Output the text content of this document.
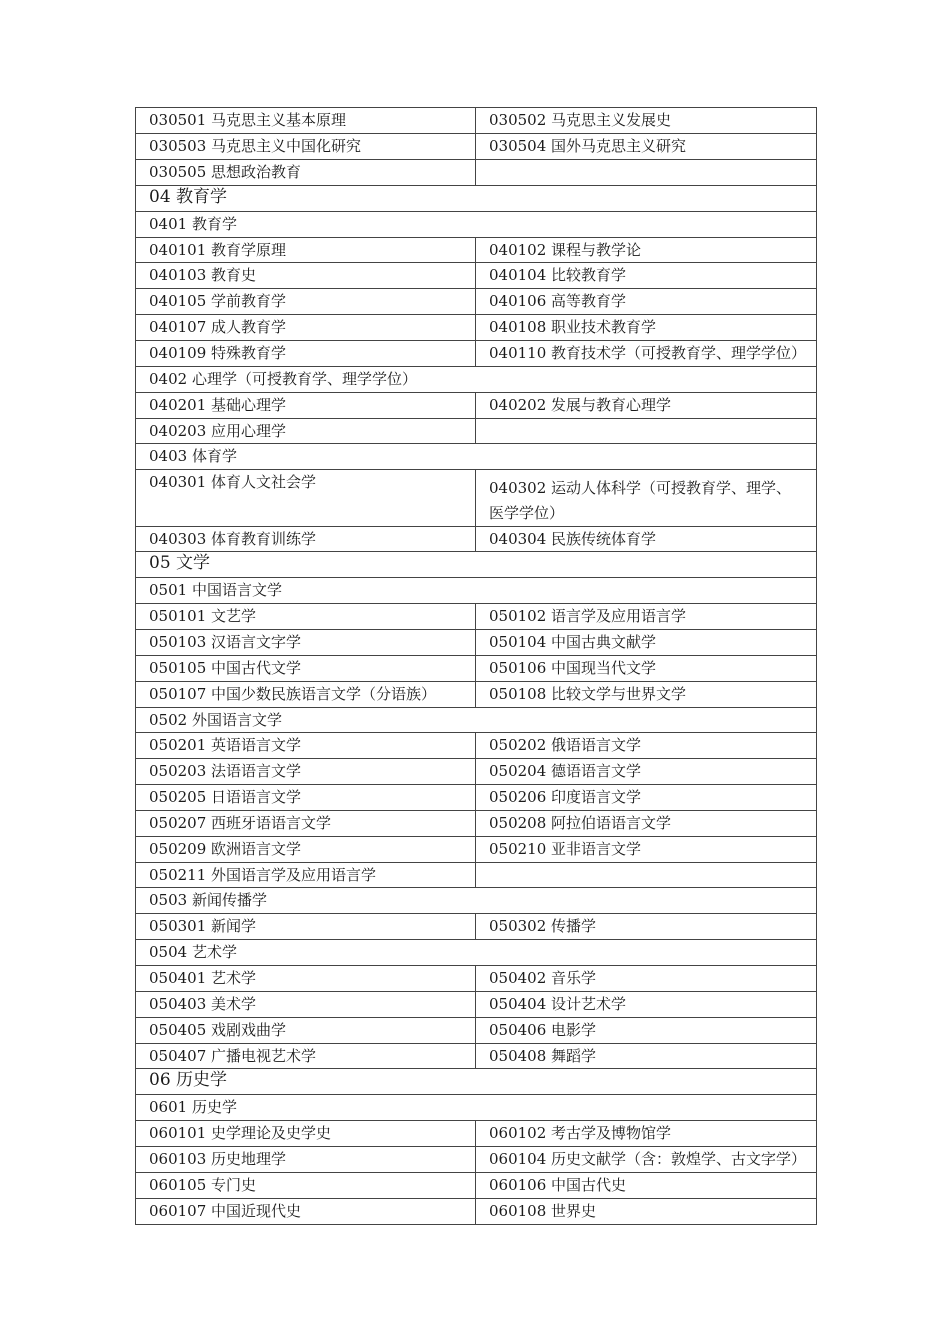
030501 马克思主义基本原理	030502 马克思主义发展史

030503 马克思主义中国化研究	030504 国外马克思主义研究

030505 思想政治教育	

04 教育学	

0401 教育学	

040101 教育学原理	040102 课程与教学论

040103 教育史	040104 比较教育学

040105 学前教育学	040106 高等教育学

040107 成人教育学	040108 职业技术教育学

040109 特殊教育学	040110 教育技术学（可授教育学、理学学位）

0402 心理学（可授教育学、理学学位）	

040201 基础心理学	040202 发展与教育心理学

040203 应用心理学	

0403 体育学	

040301 体育人文社会学	040302 运动人体科学（可授教育学、理学、医学学位）

040303 体育教育训练学	040304 民族传统体育学

05 文学	

0501 中国语言文学	

050101 文艺学	050102 语言学及应用语言学

050103 汉语言文字学	050104 中国古典文献学

050105 中国古代文学	050106 中国现当代文学

050107 中国少数民族语言文学（分语族）	050108 比较文学与世界文学

0502 外国语言文学	

050201 英语语言文学	050202 俄语语言文学

050203 法语语言文学	050204 德语语言文学

050205 日语语言文学	050206 印度语言文学

050207 西班牙语语言文学	050208 阿拉伯语语言文学

050209 欧洲语言文学	050210 亚非语言文学

050211 外国语言学及应用语言学	

0503 新闻传播学	

050301 新闻学	050302 传播学

0504 艺术学	

050401 艺术学	050402 音乐学

050403 美术学	050404 设计艺术学

050405 戏剧戏曲学	050406 电影学

050407 广播电视艺术学	050408 舞蹈学

06 历史学	

0601 历史学	

060101 史学理论及史学史	060102 考古学及博物馆学

060103 历史地理学	060104 历史文献学（含：敦煌学、古文字学）

060105 专门史	060106 中国古代史

060107 中国近现代史	060108 世界史
